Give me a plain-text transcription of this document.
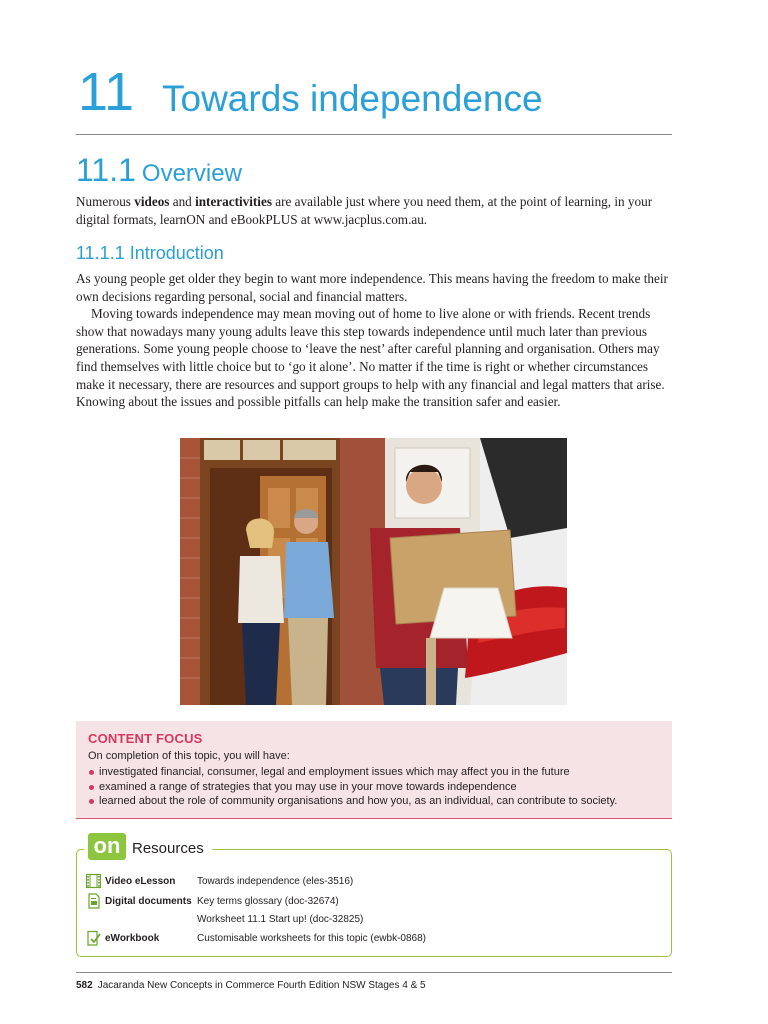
11 Towards independence
11.1 Overview

Numerous videos and interactivities are available just where you need them, at the point of learning, in your digital formats, learnON and eBookPLUS at www.jacplus.com.au.

11.1.1 Introduction

As young people get older they begin to want more independence. This means having the freedom to make their own decisions regarding personal, social and financial matters.

Moving towards independence may mean moving out of home to live alone or with friends. Recent trends show that nowadays many young adults leave this step towards independence until much later than previous generations. Some young people choose to ‘leave the nest’ after careful planning and organisation. Others may find themselves with little choice but to ‘go it alone’. No matter if the time is right or whether circumstances make it necessary, there are resources and support groups to help with any financial and legal matters that arise. Knowing about the issues and possible pitfalls can help make the transition safer and easier.

CONTENT FOCUS
On completion of this topic, you will have:
investigated financial, consumer, legal and employment issues which may affect you in the future
examined a range of strategies that you may use in your move towards independence
learned about the role of community organisations and how you, as an individual, can contribute to society.
on Resources
Video eLesson Towards independence (eles-3516)
Digital documents Key terms glossary (doc-32674)
Worksheet 11.1 Start up! (doc-32825)
eWorkbook	Customisable worksheets for this topic (ewbk-0868)
582 Jacaranda New Concepts in Commerce Fourth Edition NSW Stages 4 & 5
